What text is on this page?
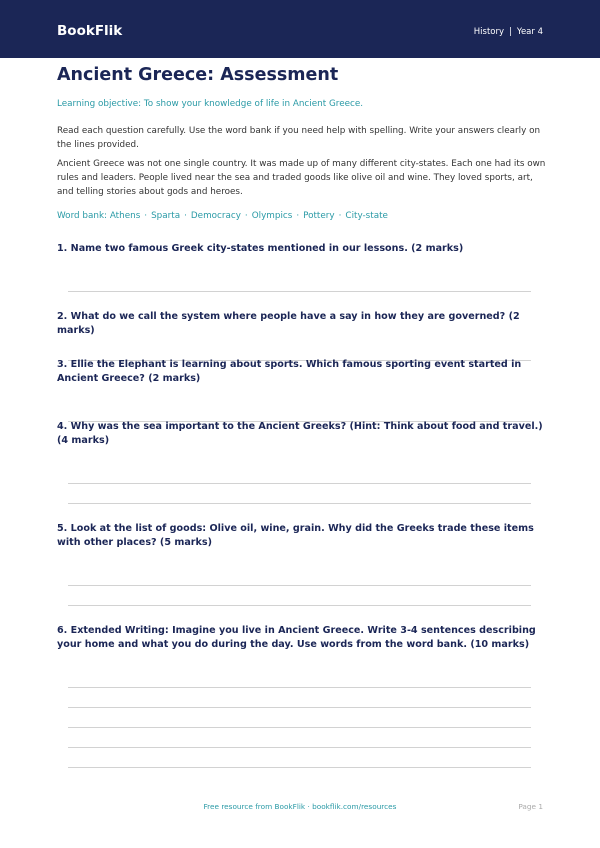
BookFlik	History | Year 4
Ancient Greece: Assessment
Learning objective: To show your knowledge of life in Ancient Greece.
Read each question carefully. Use the word bank if you need help with spelling. Write your answers clearly on the lines provided.
Ancient Greece was not one single country. It was made up of many different city-states. Each one had its own rules and leaders. People lived near the sea and traded goods like olive oil and wine. They loved sports, art, and telling stories about gods and heroes.
Word bank: Athens · Sparta · Democracy · Olympics · Pottery · City-state
1. Name two famous Greek city-states mentioned in our lessons. (2 marks)
2. What do we call the system where people have a say in how they are governed? (2 marks)
3. Ellie the Elephant is learning about sports. Which famous sporting event started in Ancient Greece? (2 marks)
4. Why was the sea important to the Ancient Greeks? (Hint: Think about food and travel.) (4 marks)
5. Look at the list of goods: Olive oil, wine, grain. Why did the Greeks trade these items with other places? (5 marks)
6. Extended Writing: Imagine you live in Ancient Greece. Write 3-4 sentences describing your home and what you do during the day. Use words from the word bank. (10 marks)
Free resource from BookFlik · bookflik.com/resources	Page 1
